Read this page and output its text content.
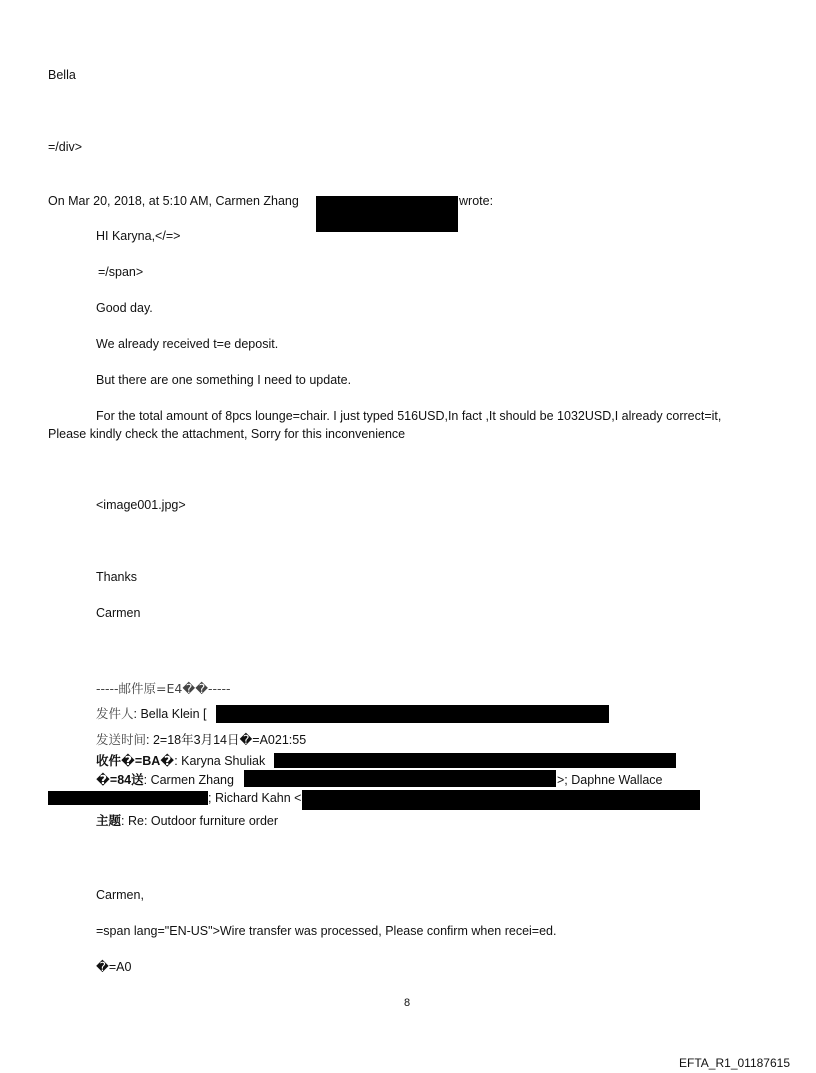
Bella
=/div>
On Mar 20, 2018, at 5:10 AM, Carmen Zhang	wrote:
HI Karyna,</=>
=/span>
Good day.
We already received t=e deposit.
But there are one something I need to update.
For the total amount of 8pcs lounge=chair. I just typed 516USD,In fact ,It should be 1032USD,I already correct=it,
Please kindly check the attachment, Sorry for this inconvenience
<image001.jpg>
Thanks
Carmen
-----邮件原=E4��-----
发件人: Bella Klein [
发送时间: 2=18年3月14日�=A021:55
收件�=BA�: Karyna Shuliak
�=84送: Carmen Zhang	>; Daphne Wallace
; Richard Kahn <
主题: Re: Outdoor furniture order
Carmen,
=span lang="EN-US">Wire transfer was processed, Please confirm when recei=ed.
�=A0
8
EFTA_R1_01187615
